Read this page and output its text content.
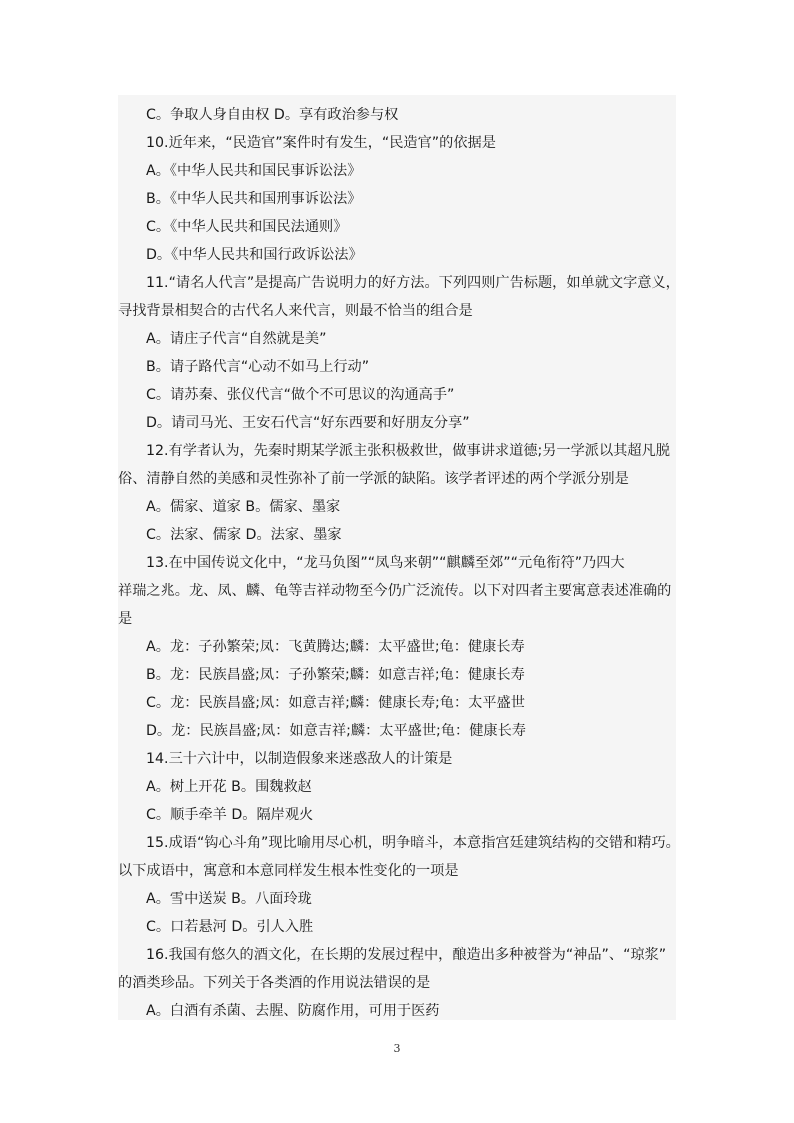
C。争取人身自由权 D。享有政治参与权
10.近年来，“民造官”案件时有发生，“民造官”的依据是
A。《中华人民共和国民事诉讼法》
B。《中华人民共和国刑事诉讼法》
C。《中华人民共和国民法通则》
D。《中华人民共和国行政诉讼法》
11.“请名人代言”是提高广告说明力的好方法。下列四则广告标题，如单就文字意义，
寻找背景相契合的古代名人来代言，则最不恰当的组合是
A。请庄子代言“自然就是美”
B。请子路代言“心动不如马上行动”
C。请苏秦、张仪代言“做个不可思议的沟通高手”
D。请司马光、王安石代言“好东西要和好朋友分享”
12.有学者认为，先秦时期某学派主张积极救世，做事讲求道德;另一学派以其超凡脱
俗、清静自然的美感和灵性弥补了前一学派的缺陷。该学者评述的两个学派分别是
A。儒家、道家 B。儒家、墨家
C。法家、儒家 D。法家、墨家
13.在中国传说文化中，“龙马负图”“凤鸟来朝”“麒麟至郊”“元龟衔符”乃四大
祥瑞之兆。龙、凤、麟、龟等吉祥动物至今仍广泛流传。以下对四者主要寓意表述准确的
是
A。龙：子孙繁荣;凤：飞黄腾达;麟：太平盛世;龟：健康长寿
B。龙：民族昌盛;凤：子孙繁荣;麟：如意吉祥;龟：健康长寿
C。龙：民族昌盛;凤：如意吉祥;麟：健康长寿;龟：太平盛世
D。龙：民族昌盛;凤：如意吉祥;麟：太平盛世;龟：健康长寿
14.三十六计中，以制造假象来迷惑敌人的计策是
A。树上开花 B。围魏救赵
C。顺手牵羊 D。隔岸观火
15.成语“钩心斗角”现比喻用尽心机，明争暗斗，本意指宫廷建筑结构的交错和精巧。
以下成语中，寓意和本意同样发生根本性变化的一项是
A。雪中送炭 B。八面玲珑
C。口若悬河 D。引人入胜
16.我国有悠久的酒文化，在长期的发展过程中，酿造出多种被誉为“神品”、“琼浆”
的酒类珍品。下列关于各类酒的作用说法错误的是
A。白酒有杀菌、去腥、防腐作用，可用于医药
3
